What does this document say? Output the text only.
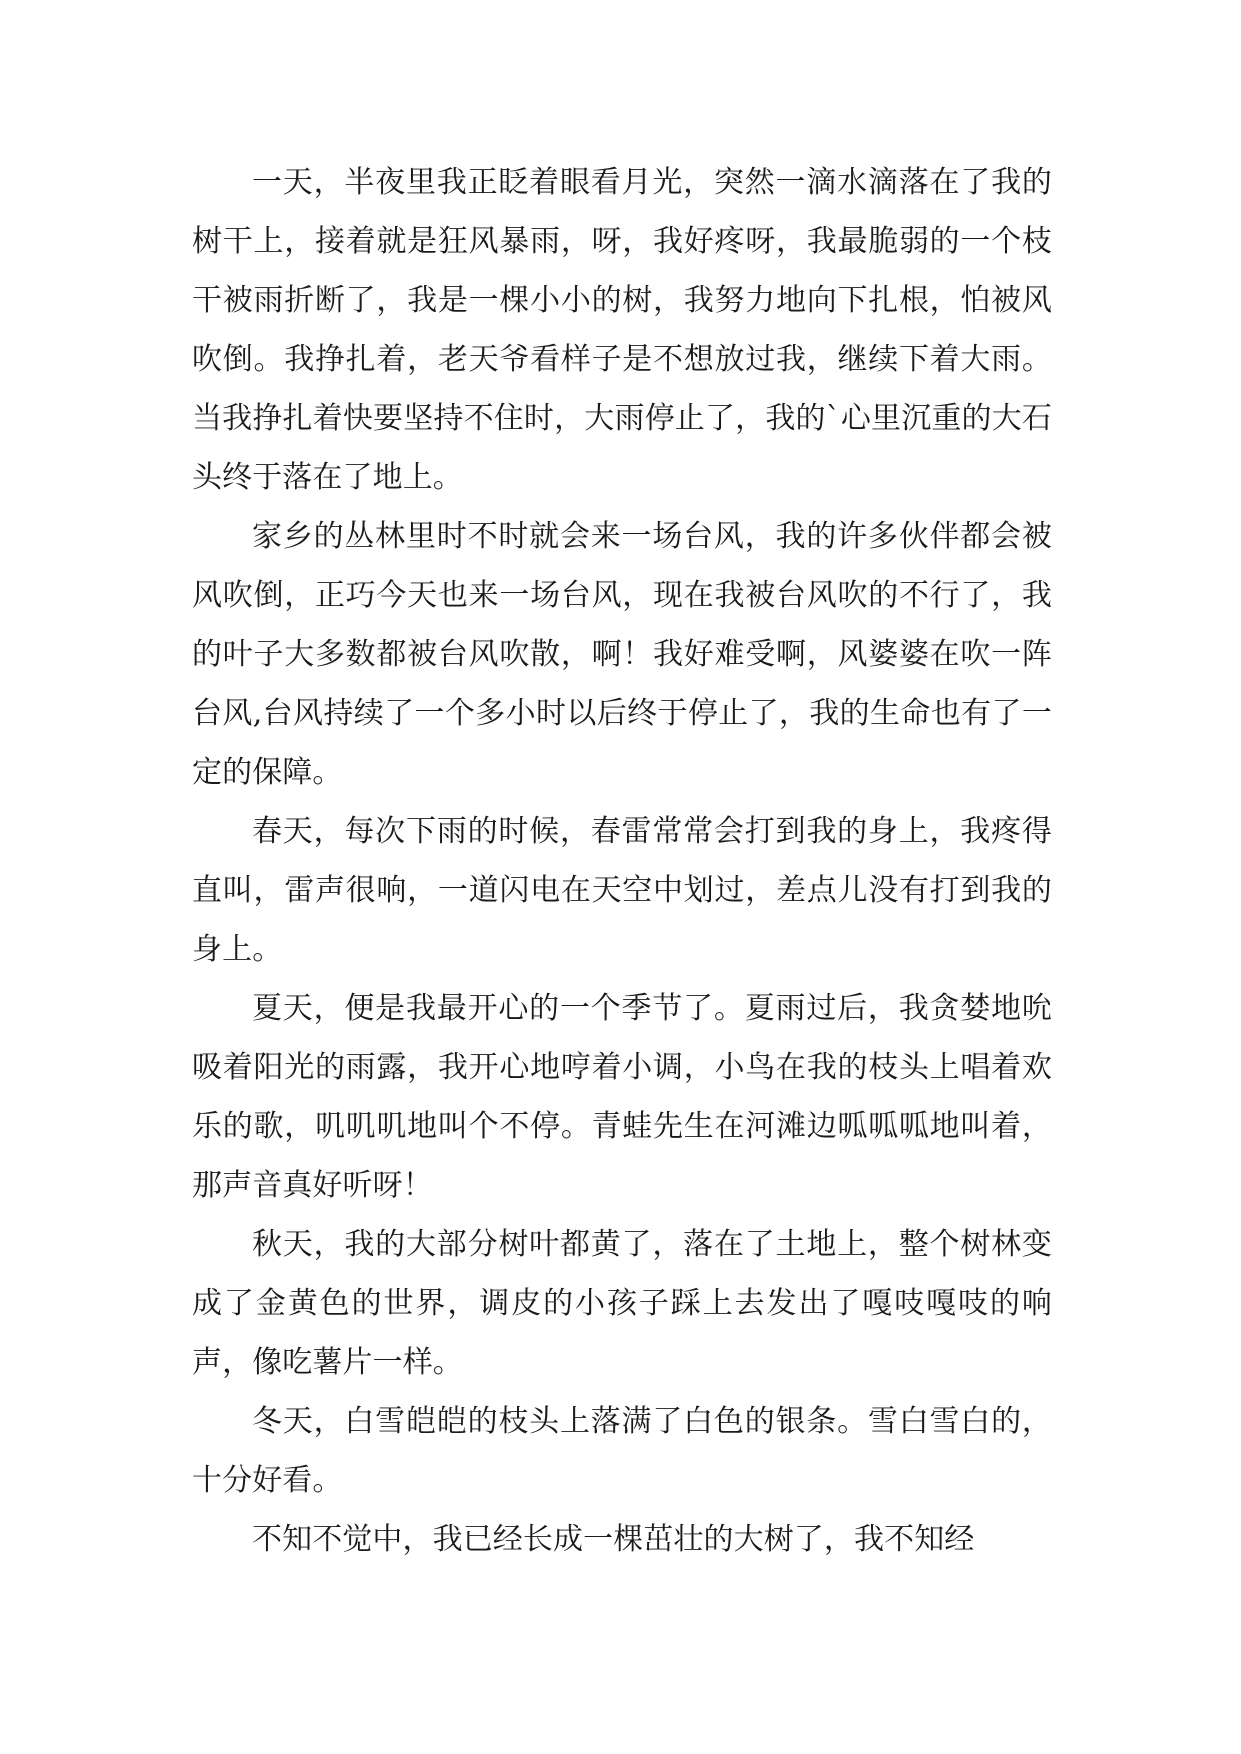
一天，半夜里我正眨着眼看月光，突然一滴水滴落在了我的树干上，接着就是狂风暴雨，呀，我好疼呀，我最脆弱的一个枝干被雨折断了，我是一棵小小的树，我努力地向下扎根，怕被风吹倒。我挣扎着，老天爷看样子是不想放过我，继续下着大雨。当我挣扎着快要坚持不住时，大雨停止了，我的`心里沉重的大石头终于落在了地上。

家乡的丛林里时不时就会来一场台风，我的许多伙伴都会被风吹倒，正巧今天也来一场台风，现在我被台风吹的不行了，我的叶子大多数都被台风吹散，啊！我好难受啊，风婆婆在吹一阵台风,台风持续了一个多小时以后终于停止了，我的生命也有了一定的保障。

春天，每次下雨的时候，春雷常常会打到我的身上，我疼得直叫，雷声很响，一道闪电在天空中划过，差点儿没有打到我的身上。

夏天，便是我最开心的一个季节了。夏雨过后，我贪婪地吮吸着阳光的雨露，我开心地哼着小调，小鸟在我的枝头上唱着欢乐的歌，叽叽叽地叫个不停。青蛙先生在河滩边呱呱呱地叫着，那声音真好听呀！

秋天，我的大部分树叶都黄了，落在了土地上，整个树林变成了金黄色的世界，调皮的小孩子踩上去发出了嘎吱嘎吱的响声，像吃薯片一样。

冬天，白雪皑皑的枝头上落满了白色的银条。雪白雪白的，十分好看。

不知不觉中，我已经长成一棵茁壮的大树了，我不知经
